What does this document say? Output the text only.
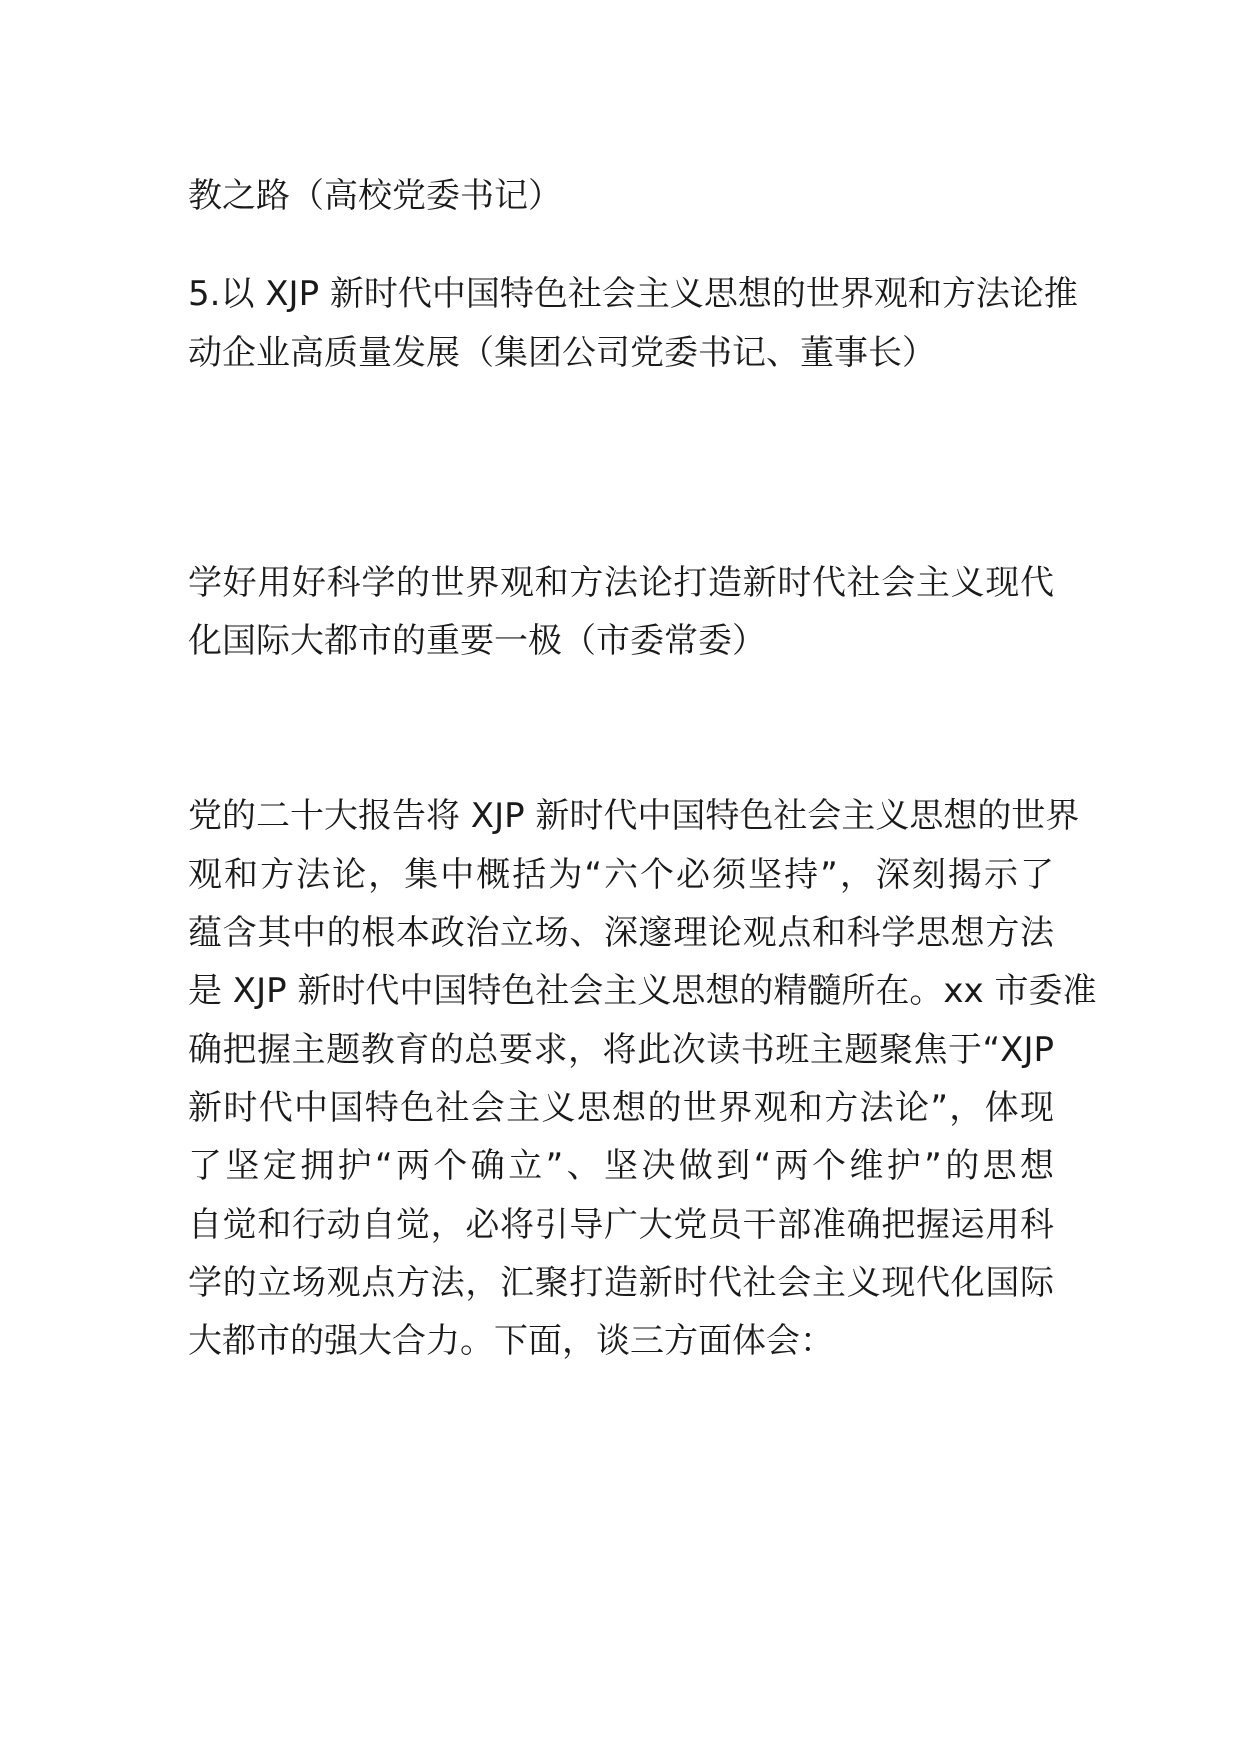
教之路（高校党委书记）
5.以 XJP 新时代中国特色社会主义思想的世界观和方法论推
动企业高质量发展（集团公司党委书记、董事长）
学好用好科学的世界观和方法论打造新时代社会主义现代
化国际大都市的重要一极（市委常委）
党的二十大报告将 XJP 新时代中国特色社会主义思想的世界
观和方法论，集中概括为“六个必须坚持”，深刻揭示了
蕴含其中的根本政治立场、深邃理论观点和科学思想方法
是 XJP 新时代中国特色社会主义思想的精髓所在。xx 市委准
确把握主题教育的总要求，将此次读书班主题聚焦于“XJP
新时代中国特色社会主义思想的世界观和方法论”，体现
了坚定拥护“两个确立”、坚决做到“两个维护”的思想
自觉和行动自觉，必将引导广大党员干部准确把握运用科
学的立场观点方法，汇聚打造新时代社会主义现代化国际
大都市的强大合力。下面，谈三方面体会：
